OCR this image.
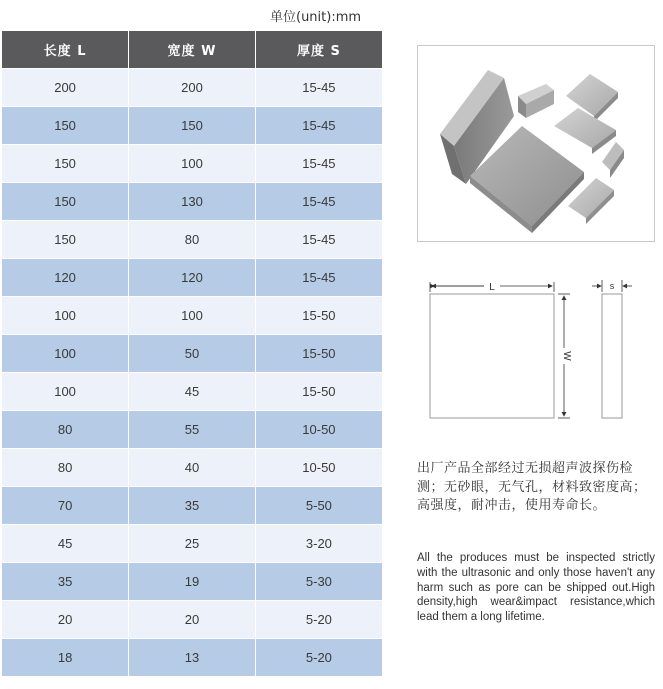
单位(unit):mm
长度 L	宽度 W	厚度 S
200	200	15-45
150	150	15-45
150	100	15-45
150	130	15-45
150	80	15-45
120	120	15-45
100	100	15-50
100	50	15-50
100	45	15-50
80	55	10-50
80	40	10-50
70	35	5-50
45	25	3-20
35	19	5-30
20	20	5-20
18	13	5-20
L
W
s
出厂产品全部经过无损超声波探伤检测；无砂眼，无气孔，材料致密度高；高强度，耐冲击，使用寿命长。
All the produces must be inspected strictly with the ultrasonic and only those haven't any harm such as pore can be shipped out.High density,high wear&impact resistance,which lead them a long lifetime.
